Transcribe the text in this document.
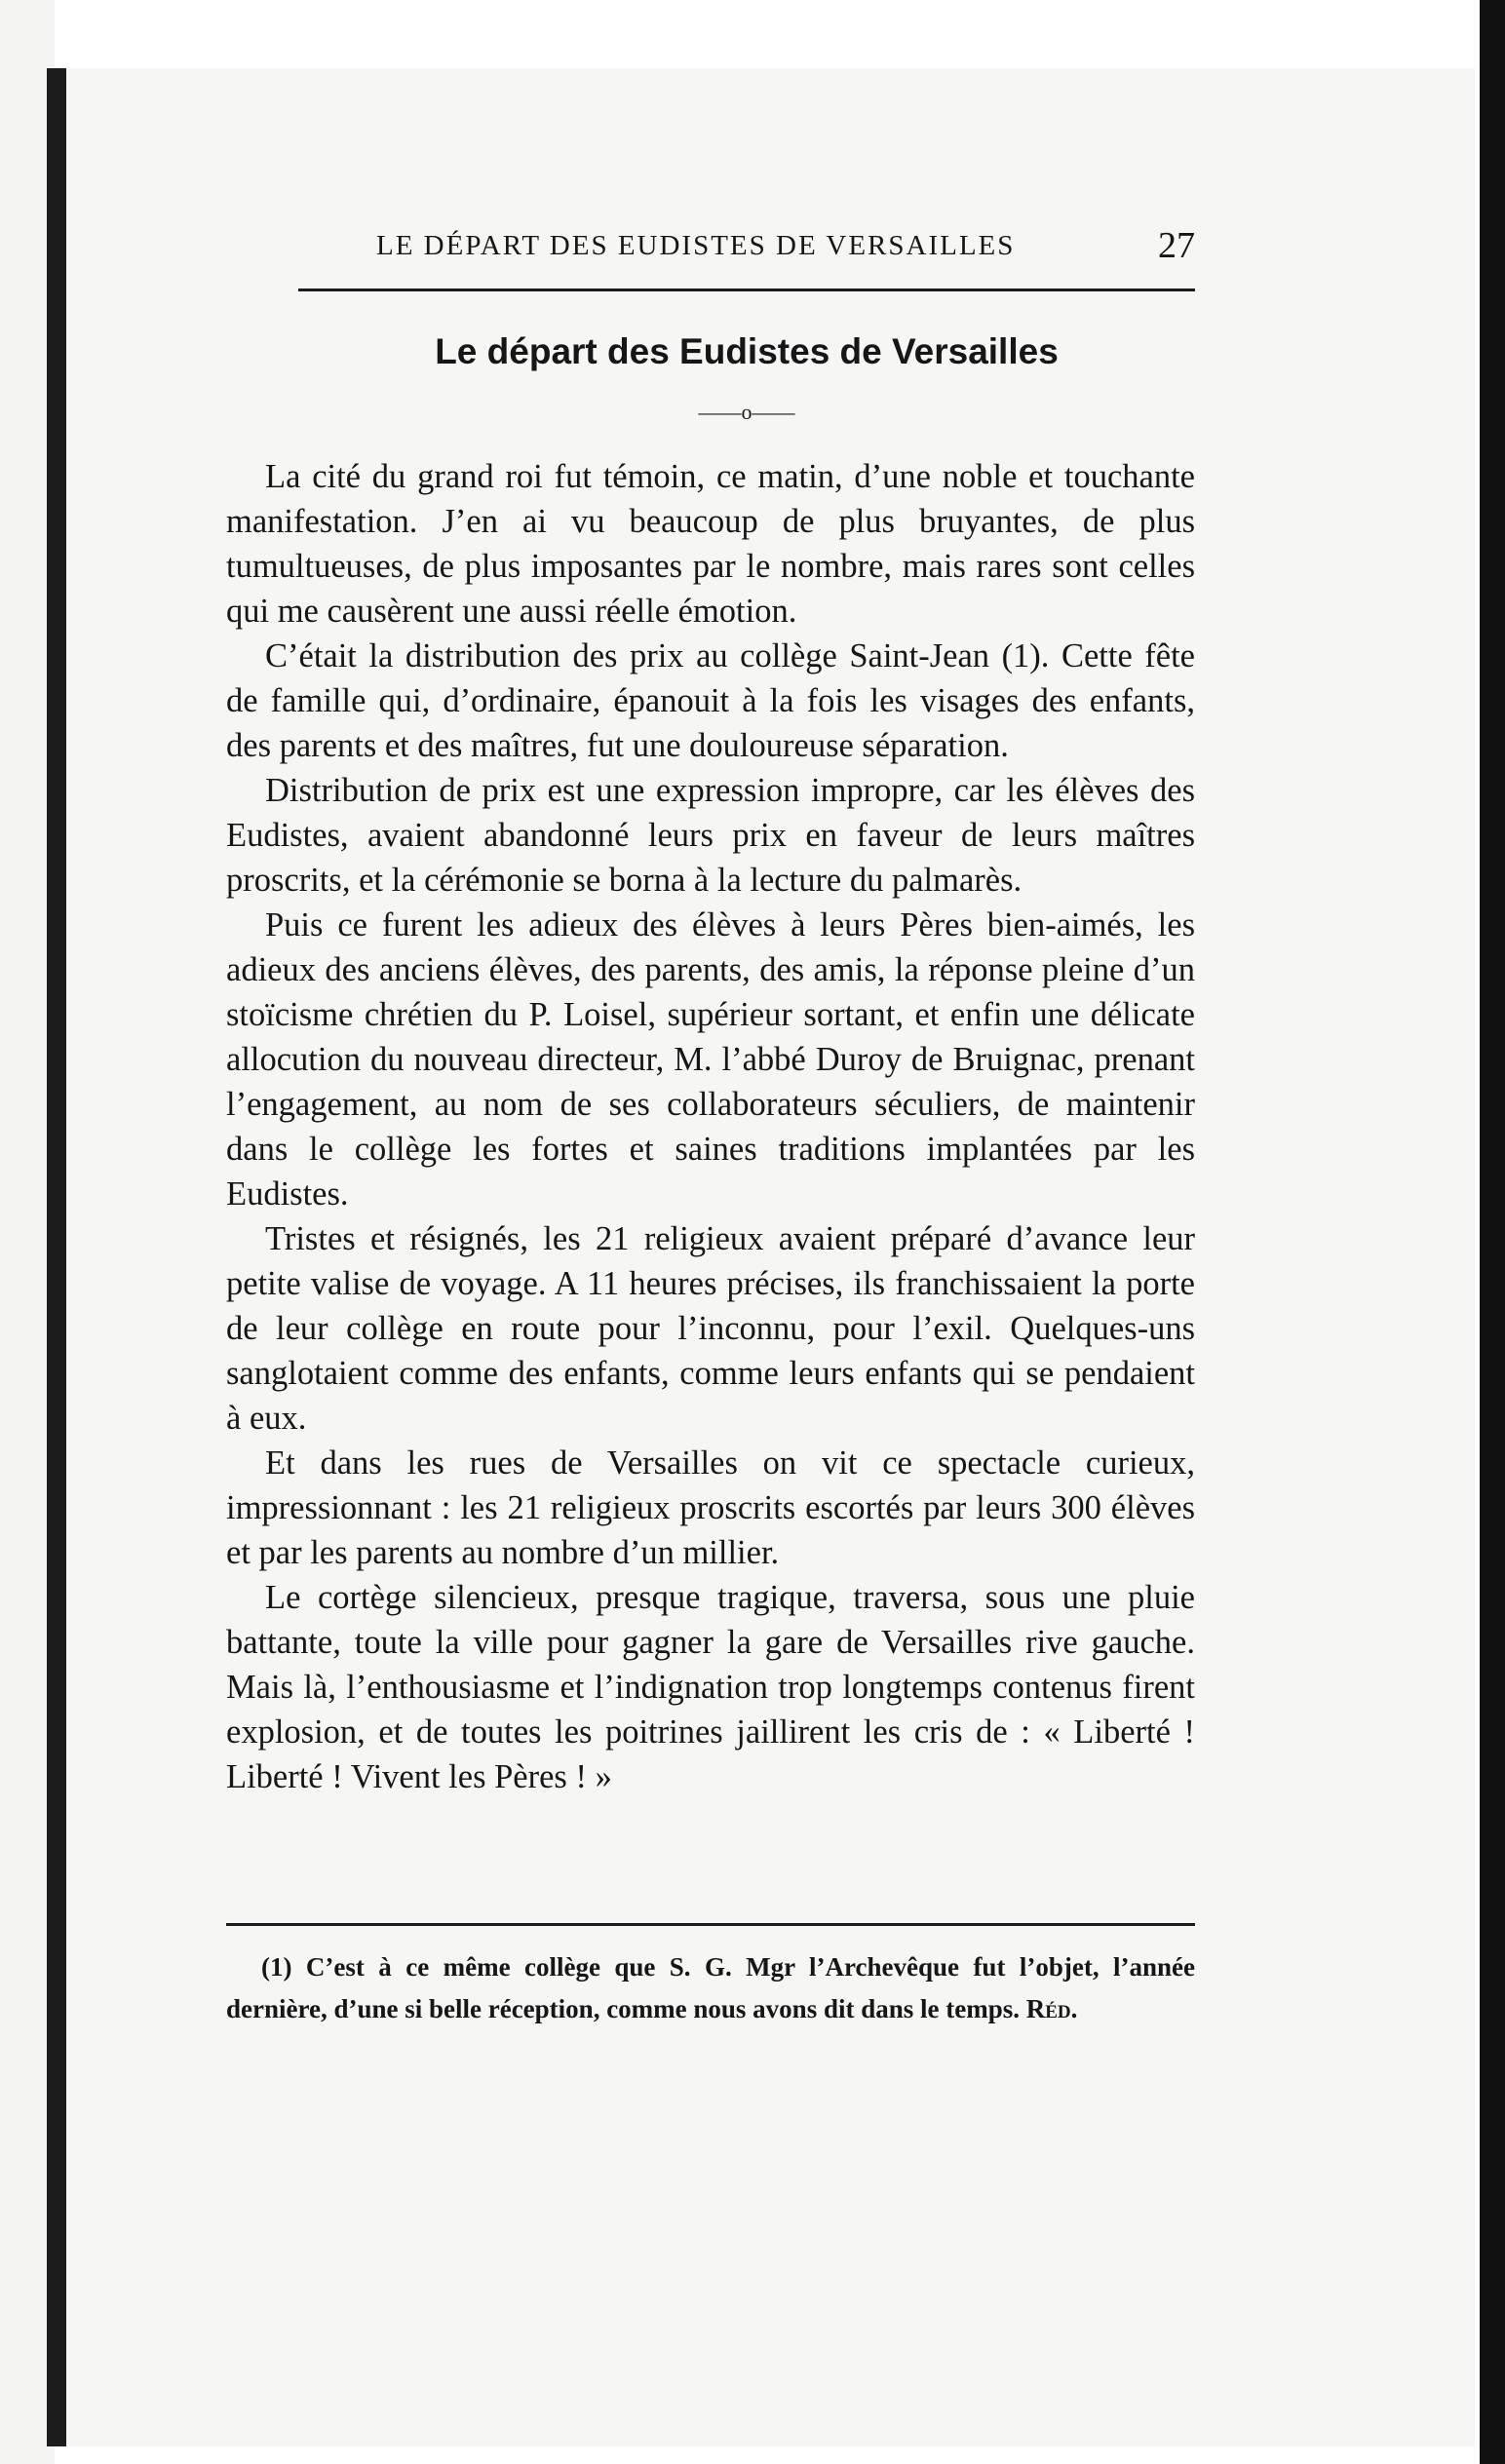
LE DÉPART DES EUDISTES DE VERSAILLES	27
Le départ des Eudistes de Versailles
——o——

La cité du grand roi fut témoin, ce matin, d’une noble et touchante manifestation. J’en ai vu beaucoup de plus bruyantes, de plus tumultueuses, de plus imposantes par le nombre, mais rares sont celles qui me causèrent une aussi réelle émotion.

C’était la distribution des prix au collège Saint-Jean (1). Cette fête de famille qui, d’ordinaire, épanouit à la fois les visages des enfants, des parents et des maîtres, fut une douloureuse séparation.

Distribution de prix est une expression impropre, car les élèves des Eudistes, avaient abandonné leurs prix en faveur de leurs maîtres proscrits, et la cérémonie se borna à la lecture du palmarès.

Puis ce furent les adieux des élèves à leurs Pères bien-aimés, les adieux des anciens élèves, des parents, des amis, la réponse pleine d’un stoïcisme chrétien du P. Loisel, supérieur sortant, et enfin une délicate allocution du nouveau directeur, M. l’abbé Duroy de Bruignac, prenant l’engagement, au nom de ses collaborateurs séculiers, de maintenir dans le collège les fortes et saines traditions implantées par les Eudistes.

Tristes et résignés, les 21 religieux avaient préparé d’avance leur petite valise de voyage. A 11 heures précises, ils franchissaient la porte de leur collège en route pour l’inconnu, pour l’exil. Quelques-uns sanglotaient comme des enfants, comme leurs enfants qui se pendaient à eux.

Et dans les rues de Versailles on vit ce spectacle curieux, impressionnant : les 21 religieux proscrits escortés par leurs 300 élèves et par les parents au nombre d’un millier.

Le cortège silencieux, presque tragique, traversa, sous une pluie battante, toute la ville pour gagner la gare de Versailles rive gauche. Mais là, l’enthousiasme et l’indignation trop longtemps contenus firent explosion, et de toutes les poitrines jaillirent les cris de : « Liberté ! Liberté ! Vivent les Pères ! »

(1) C’est à ce même collège que S. G. Mgr l’Archevêque fut l’objet, l’année dernière, d’une si belle réception, comme nous avons dit dans le temps. Réd.
